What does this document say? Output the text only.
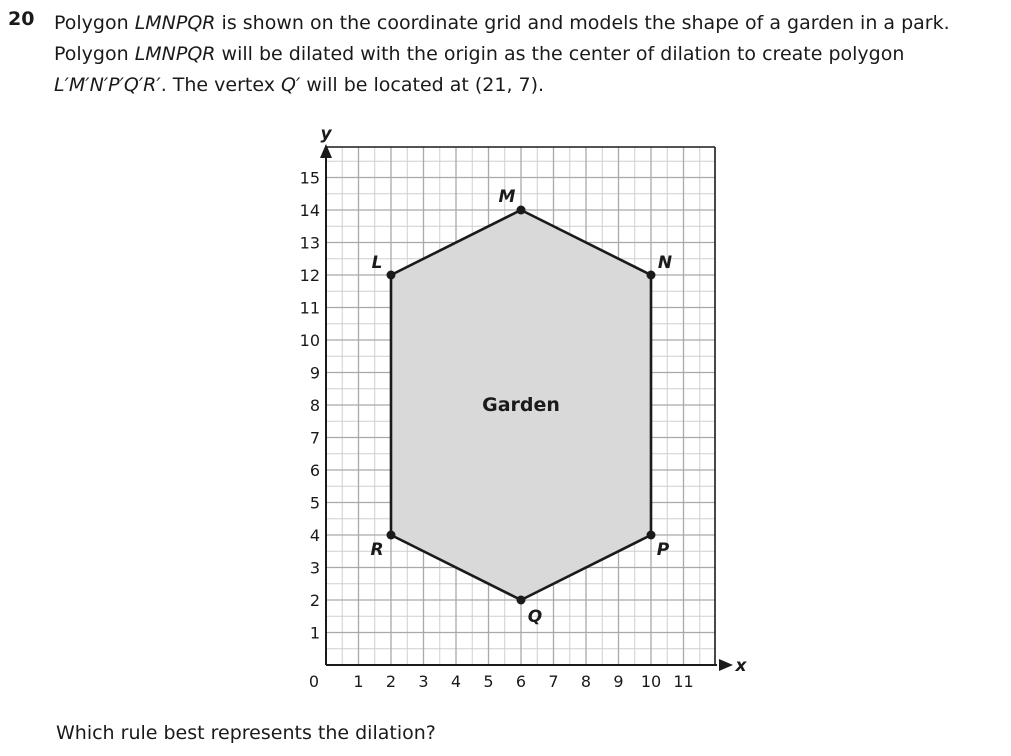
20 Polygon LMNPQR is shown on the coordinate grid and models the shape of a garden in a park.

Polygon LMNPQR will be dilated with the origin as the center of dilation to create polygon

L′M′N′P′Q′R′. The vertex Q′ will be located at (21, 7).

Garden
y
x
1
2
3
4
5
6
7
8
9
10
11
12
13
14
15
1 2 3 4 5 6 7 8 9 10 11
0
L
M
N
P
Q
R
Which rule best represents the dilation?
